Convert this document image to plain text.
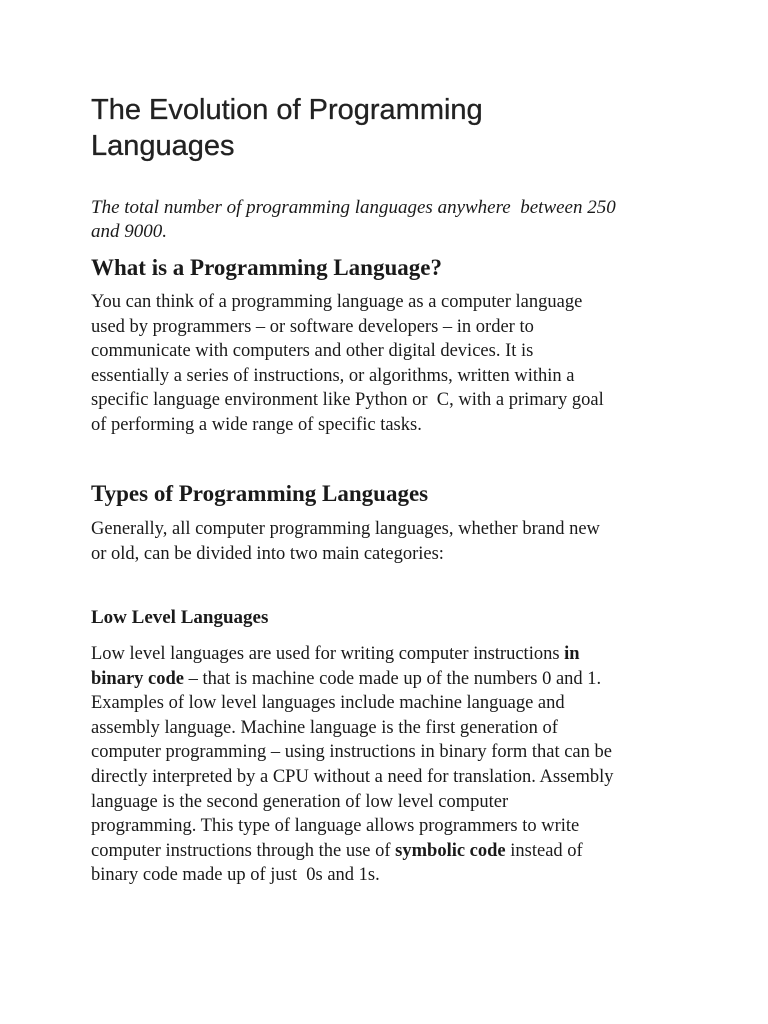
The Evolution of Programming
Languages

The total number of programming languages anywhere  between 250
and 9000.

What is a Programming Language?

You can think of a programming language as a computer language
used by programmers – or software developers – in order to
communicate with computers and other digital devices. It is
essentially a series of instructions, or algorithms, written within a
specific language environment like Python or  C, with a primary goal
of performing a wide range of specific tasks.

Types of Programming Languages

Generally, all computer programming languages, whether brand new
or old, can be divided into two main categories:

Low Level Languages

Low level languages are used for writing computer instructions in
binary code – that is machine code made up of the numbers 0 and 1.
Examples of low level languages include machine language and
assembly language. Machine language is the first generation of
computer programming – using instructions in binary form that can be
directly interpreted by a CPU without a need for translation. Assembly
language is the second generation of low level computer
programming. This type of language allows programmers to write
computer instructions through the use of symbolic code instead of
binary code made up of just  0s and 1s.
